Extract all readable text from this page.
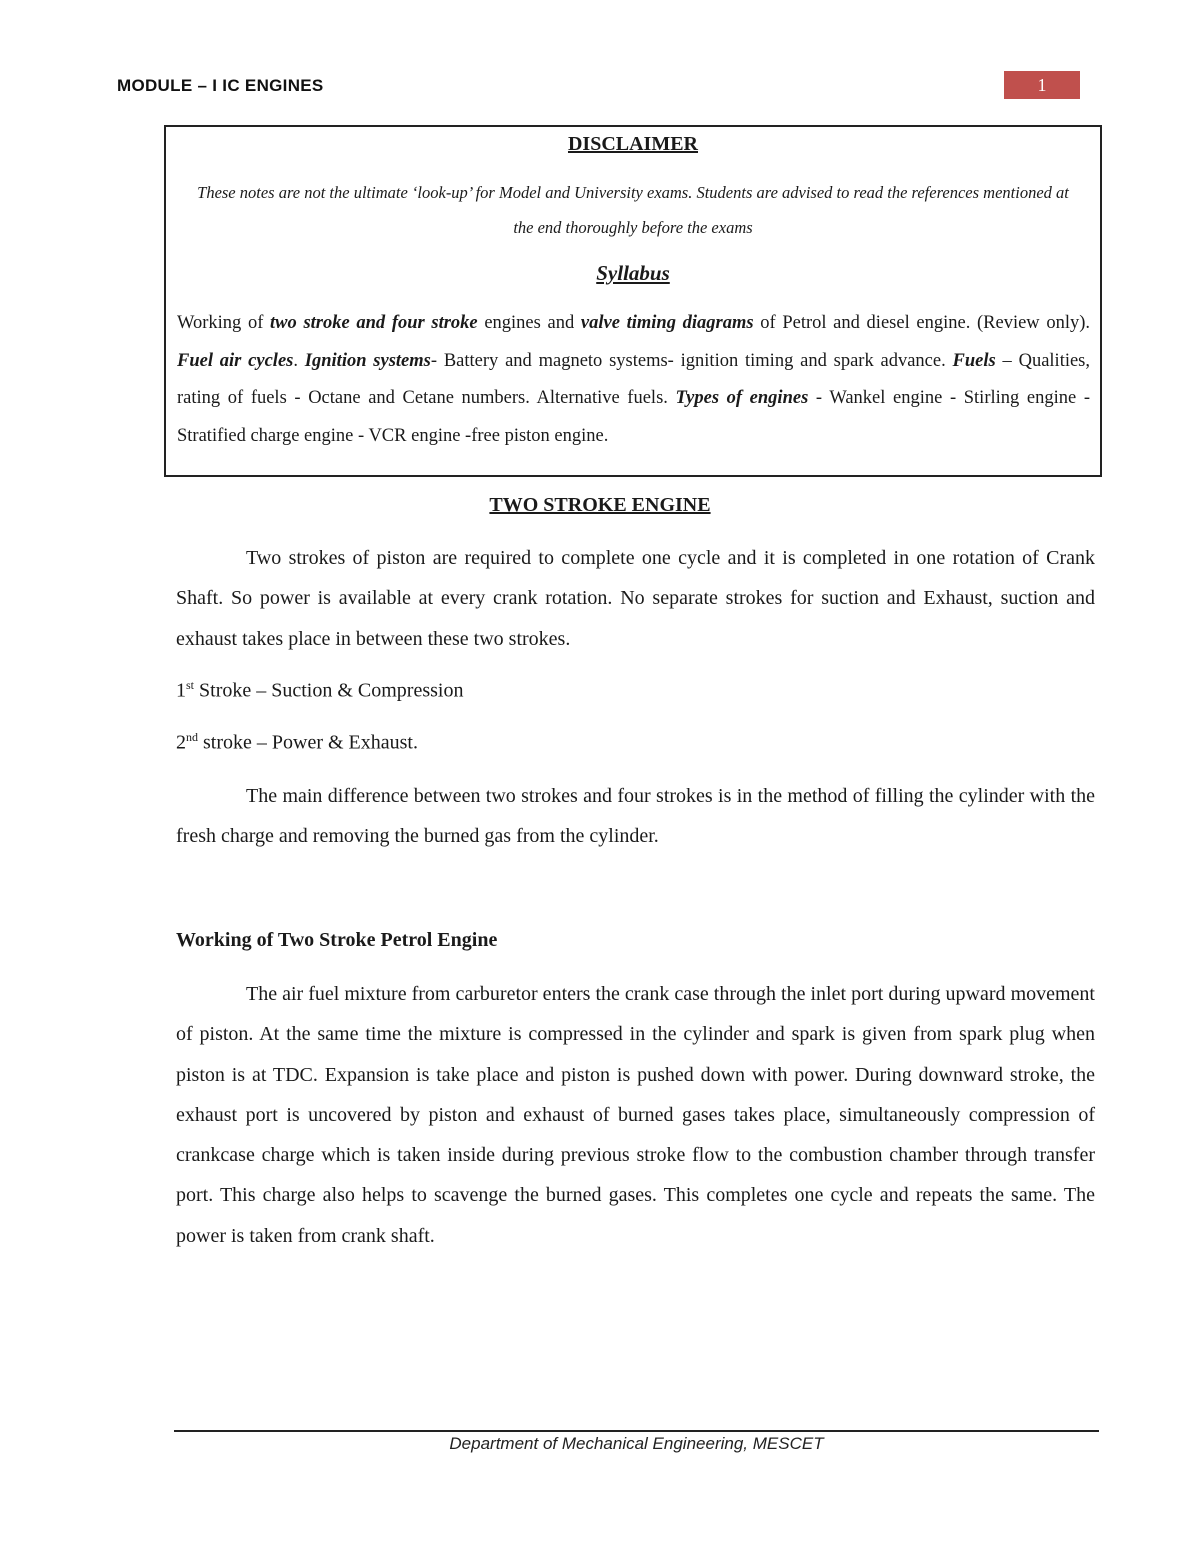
MODULE – I IC ENGINES	1
DISCLAIMER
These notes are not the ultimate ‘look-up’ for Model and University exams. Students are advised to read the references mentioned at the end thoroughly before the exams
Syllabus
Working of two stroke and four stroke engines and valve timing diagrams of Petrol and diesel engine. (Review only). Fuel air cycles. Ignition systems- Battery and magneto systems- ignition timing and spark advance. Fuels – Qualities, rating of fuels - Octane and Cetane numbers. Alternative fuels. Types of engines - Wankel engine - Stirling engine - Stratified charge engine - VCR engine -free piston engine.
TWO STROKE ENGINE

Two strokes of piston are required to complete one cycle and it is completed in one rotation of Crank Shaft. So power is available at every crank rotation. No separate strokes for suction and Exhaust, suction and exhaust takes place in between these two strokes.

1st Stroke – Suction & Compression

2nd stroke – Power & Exhaust.

The main difference between two strokes and four strokes is in the method of filling the cylinder with the fresh charge and removing the burned gas from the cylinder.

Working of Two Stroke Petrol Engine

The air fuel mixture from carburetor enters the crank case through the inlet port during upward movement of piston. At the same time the mixture is compressed in the cylinder and spark is given from spark plug when piston is at TDC. Expansion is take place and piston is pushed down with power. During downward stroke, the exhaust port is uncovered by piston and exhaust of burned gases takes place, simultaneously compression of crankcase charge which is taken inside during previous stroke flow to the combustion chamber through transfer port. This charge also helps to scavenge the burned gases. This completes one cycle and repeats the same. The power is taken from crank shaft.

Department of Mechanical Engineering, MESCET
